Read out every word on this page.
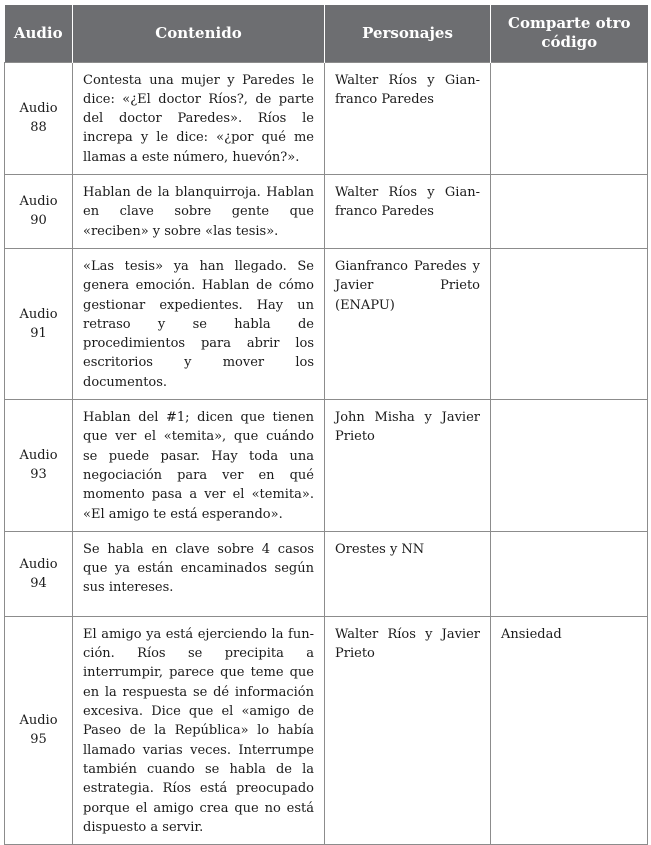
Audio	Contenido	Personajes	Comparte otro código

Audio
88	Contesta una mujer y Paredes le dice: «¿El doctor Ríos?, de parte del doctor Paredes». Ríos le increpa y le dice: «¿por qué me llamas a este número, huevón?».	Walter Ríos y Gianfranco Paredes	

Audio
90	Hablan de la blanquirroja. Hablan en clave sobre gente que «reciben» y sobre «las tesis».	Walter Ríos y Gianfranco Paredes	

Audio
91	«Las tesis» ya han llegado. Se genera emoción. Hablan de cómo gestionar expedientes. Hay un retraso y se habla de procedimientos para abrir los escritorios y mover los documentos.	Gianfranco Paredes y Javier Prieto (ENAPU)	

Audio
93	Hablan del #1; dicen que tienen que ver el «temita», que cuándo se puede pasar. Hay toda una negociación para ver en qué momento pasa a ver el «temita». «El amigo te está esperando».	John Misha y Javier Prieto	

Audio
94	Se habla en clave sobre 4 casos que ya están encaminados según sus intereses.	Orestes y NN	

Audio
95	El amigo ya está ejerciendo la función. Ríos se precipita a interrumpir, parece que teme que en la respuesta se dé información excesiva. Dice que el «amigo de Paseo de la República» lo había llamado varias veces. Interrumpe también cuando se habla de la estrategia. Ríos está preocupado porque el amigo crea que no está dispuesto a servir.	Walter Ríos y Javier Prieto	Ansiedad
